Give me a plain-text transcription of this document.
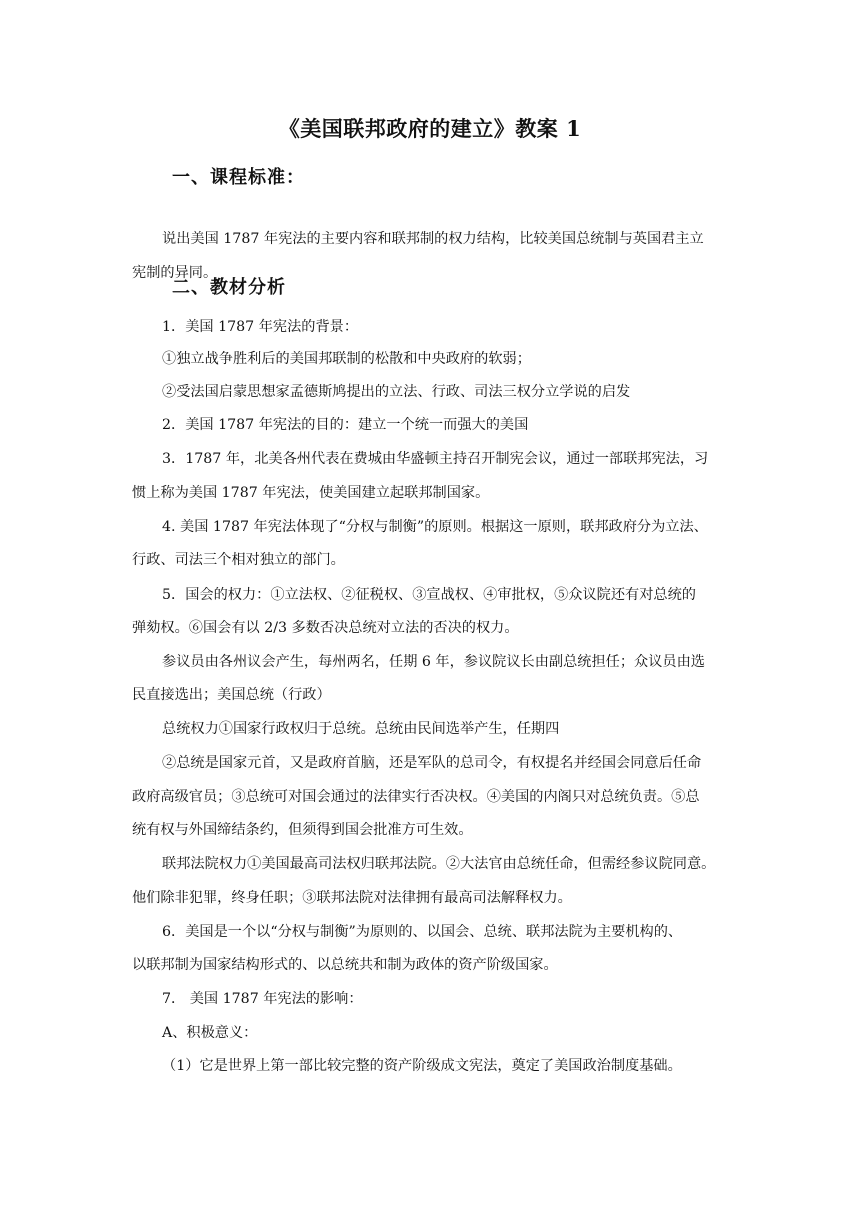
《美国联邦政府的建立》教案 1
一、课程标准：
说出美国 1787 年宪法的主要内容和联邦制的权力结构，比较美国总统制与英国君主立
宪制的异同。
二、教材分析
1．美国 1787 年宪法的背景：
①独立战争胜利后的美国邦联制的松散和中央政府的软弱；
②受法国启蒙思想家孟德斯鸠提出的立法、行政、司法三权分立学说的启发
2．美国 1787 年宪法的目的：建立一个统一而强大的美国
3．1787 年，北美各州代表在费城由华盛顿主持召开制宪会议，通过一部联邦宪法，习
惯上称为美国 1787 年宪法，使美国建立起联邦制国家。
4. 美国 1787 年宪法体现了“分权与制衡”的原则。根据这一原则，联邦政府分为立法、
行政、司法三个相对独立的部门。
5．国会的权力：①立法权、②征税权、③宣战权、④审批权，⑤众议院还有对总统的
弹劾权。⑥国会有以 2/3 多数否决总统对立法的否决的权力。
参议员由各州议会产生，每州两名，任期 6 年，参议院议长由副总统担任；众议员由选
民直接选出；美国总统（行政）
总统权力①国家行政权归于总统。总统由民间选举产生，任期四
②总统是国家元首，又是政府首脑，还是军队的总司令，有权提名并经国会同意后任命
政府高级官员；③总统可对国会通过的法律实行否决权。④美国的内阁只对总统负责。⑤总
统有权与外国缔结条约，但须得到国会批准方可生效。
联邦法院权力①美国最高司法权归联邦法院。②大法官由总统任命，但需经参议院同意。
他们除非犯罪，终身任职；③联邦法院对法律拥有最高司法解释权力。
6．美国是一个以“分权与制衡”为原则的、以国会、总统、联邦法院为主要机构的、
以联邦制为国家结构形式的、以总统共和制为政体的资产阶级国家。
7． 美国 1787 年宪法的影响：
A、积极意义：
（1）它是世界上第一部比较完整的资产阶级成文宪法，奠定了美国政治制度基础。
